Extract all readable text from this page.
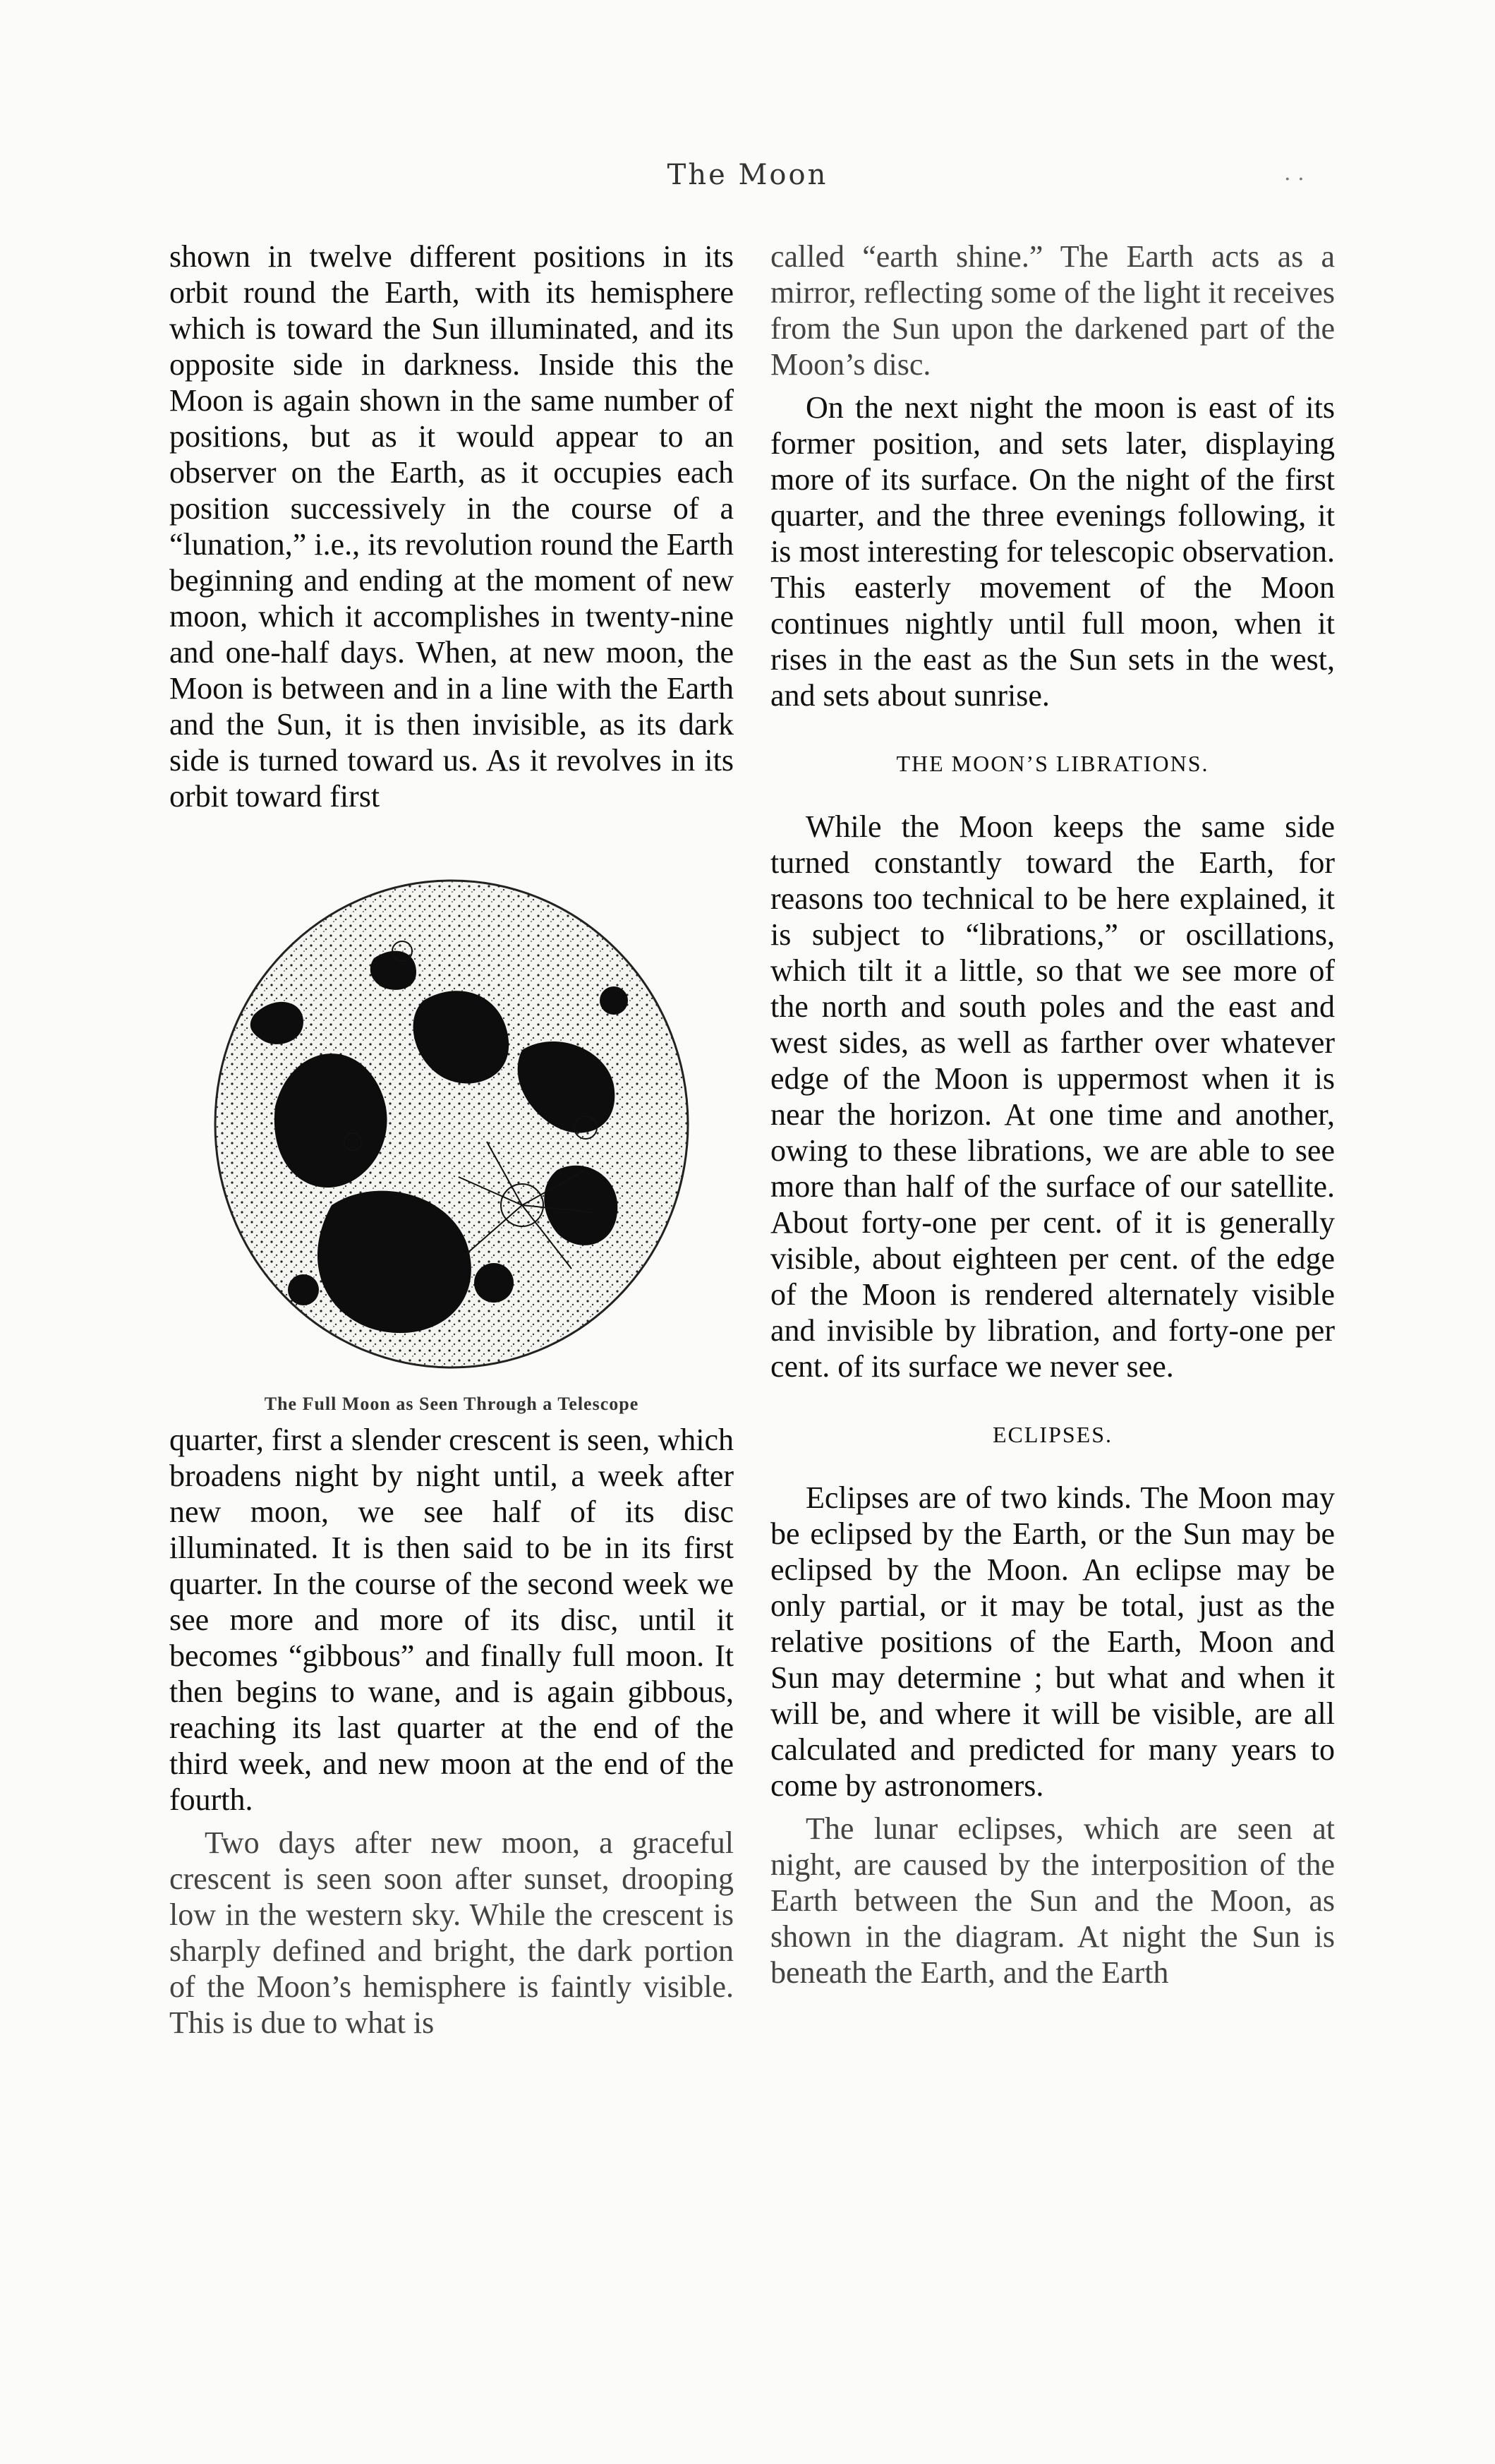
The Moon	. .

shown in twelve different positions in its orbit round the Earth, with its hemisphere which is toward the Sun illuminated, and its opposite side in darkness. Inside this the Moon is again shown in the same number of positions, but as it would appear to an observer on the Earth, as it occupies each position successively in the course of a “lunation,” i.e., its revolution round the Earth beginning and ending at the moment of new moon, which it accomplishes in twenty-nine and one-half days. When, at new moon, the Moon is between and in a line with the Earth and the Sun, it is then invisible, as its dark side is turned toward us. As it revolves in its orbit toward first

The Full Moon as Seen Through a Telescope

quarter, first a slender crescent is seen, which broadens night by night until, a week after new moon, we see half of its disc illuminated. It is then said to be in its first quarter. In the course of the second week we see more and more of its disc, until it becomes “gibbous” and finally full moon. It then begins to wane, and is again gibbous, reaching its last quarter at the end of the third week, and new moon at the end of the fourth.

Two days after new moon, a graceful crescent is seen soon after sunset, drooping low in the western sky. While the crescent is sharply defined and bright, the dark portion of the Moon’s hemisphere is faintly visible. This is due to what is

called “earth shine.” The Earth acts as a mirror, reflecting some of the light it receives from the Sun upon the darkened part of the Moon’s disc.

On the next night the moon is east of its former position, and sets later, displaying more of its surface. On the night of the first quarter, and the three evenings following, it is most interesting for telescopic observation. This easterly movement of the Moon continues nightly until full moon, when it rises in the east as the Sun sets in the west, and sets about sunrise.

THE MOON’S LIBRATIONS.

While the Moon keeps the same side turned constantly toward the Earth, for reasons too technical to be here explained, it is subject to “librations,” or oscillations, which tilt it a little, so that we see more of the north and south poles and the east and west sides, as well as farther over whatever edge of the Moon is uppermost when it is near the horizon. At one time and another, owing to these librations, we are able to see more than half of the surface of our satellite. About forty-one per cent. of it is generally visible, about eighteen per cent. of the edge of the Moon is rendered alternately visible and invisible by libration, and forty-one per cent. of its surface we never see.

ECLIPSES.

Eclipses are of two kinds. The Moon may be eclipsed by the Earth, or the Sun may be eclipsed by the Moon. An eclipse may be only partial, or it may be total, just as the relative positions of the Earth, Moon and Sun may determine ; but what and when it will be, and where it will be visible, are all calculated and predicted for many years to come by astronomers.

The lunar eclipses, which are seen at night, are caused by the interposition of the Earth between the Sun and the Moon, as shown in the diagram. At night the Sun is beneath the Earth, and the Earth
